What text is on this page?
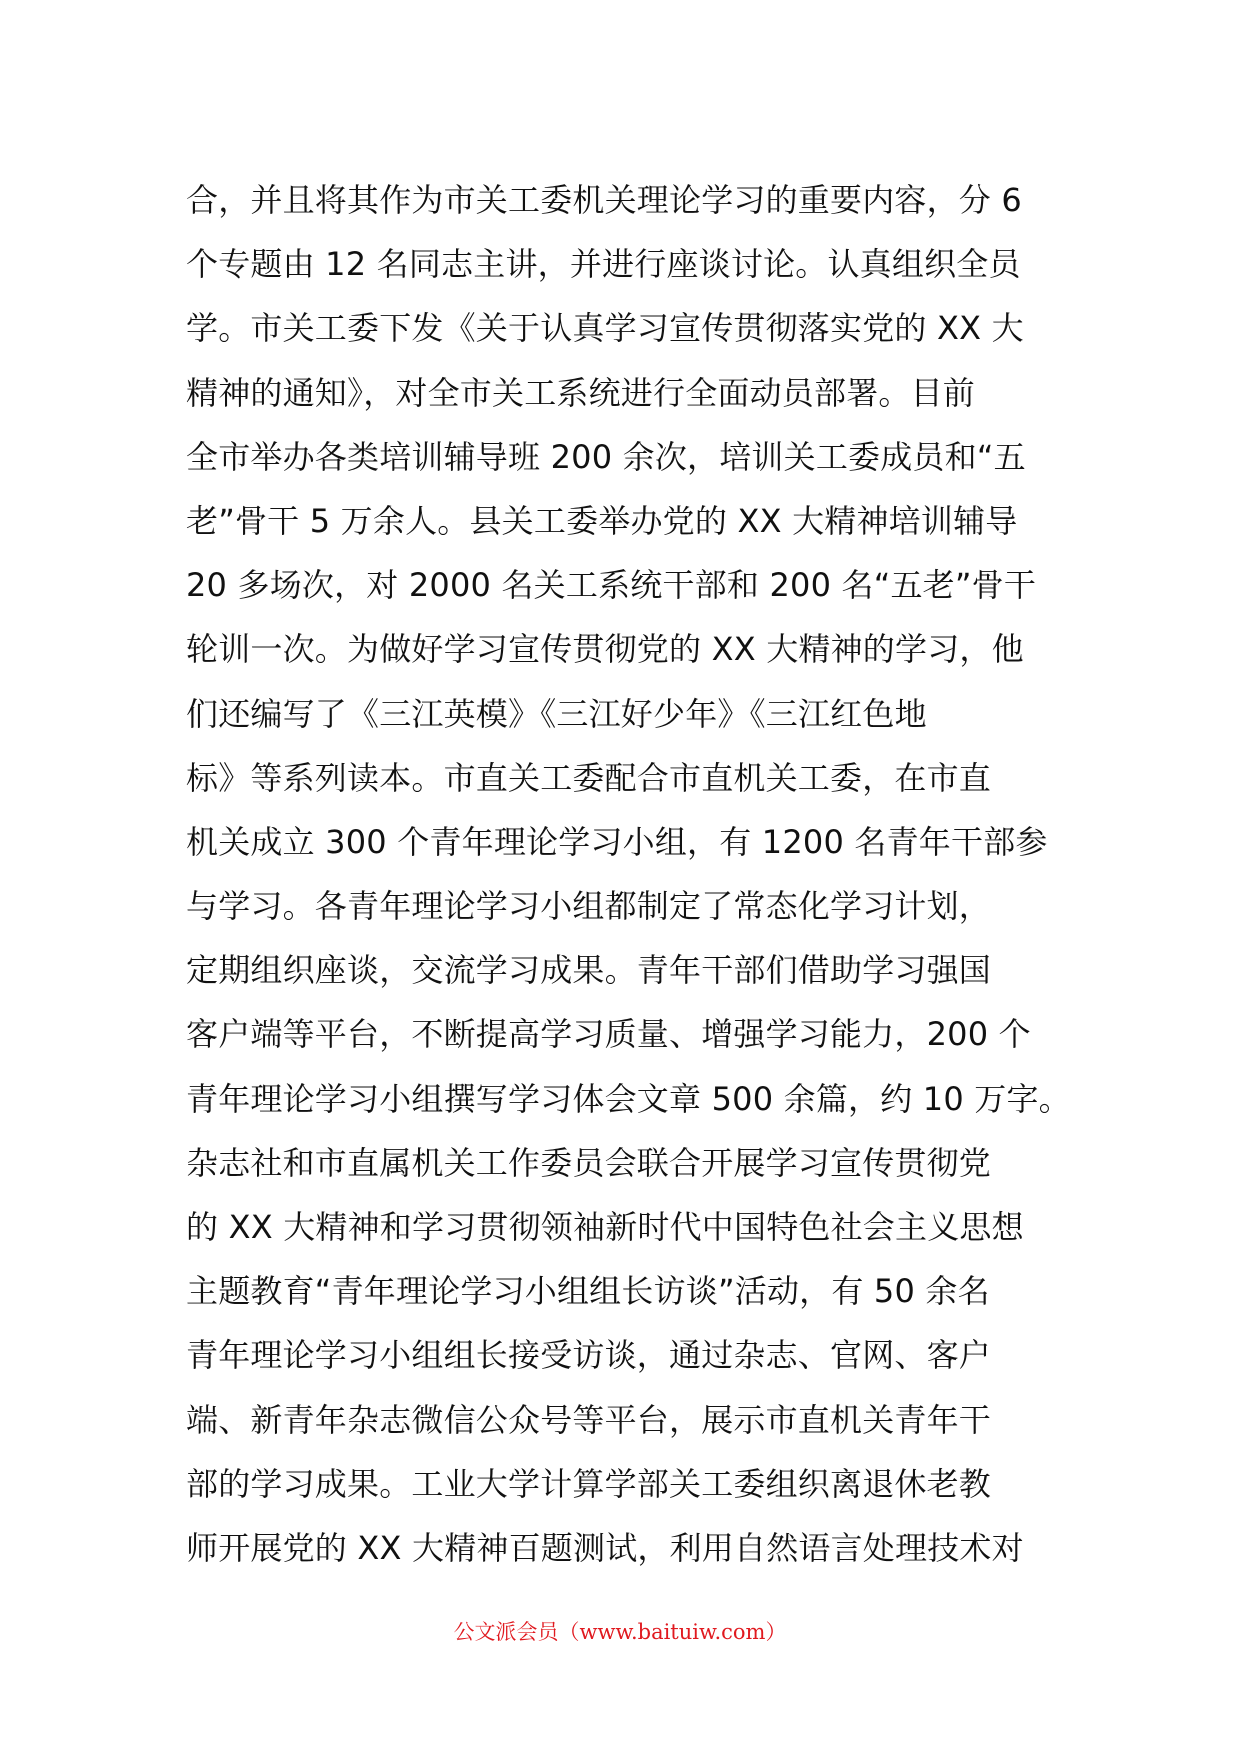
合，并且将其作为市关工委机关理论学习的重要内容，分 6
个专题由 12 名同志主讲，并进行座谈讨论。认真组织全员
学。市关工委下发《关于认真学习宣传贯彻落实党的 XX 大
精神的通知》，对全市关工系统进行全面动员部署。目前
全市举办各类培训辅导班 200 余次，培训关工委成员和“五
老”骨干 5 万余人。县关工委举办党的 XX 大精神培训辅导
20 多场次，对 2000 名关工系统干部和 200 名“五老”骨干
轮训一次。为做好学习宣传贯彻党的 XX 大精神的学习，他
们还编写了《三江英模》《三江好少年》《三江红色地
标》等系列读本。市直关工委配合市直机关工委，在市直
机关成立 300 个青年理论学习小组，有 1200 名青年干部参
与学习。各青年理论学习小组都制定了常态化学习计划，
定期组织座谈，交流学习成果。青年干部们借助学习强国
客户端等平台，不断提高学习质量、增强学习能力，200 个
青年理论学习小组撰写学习体会文章 500 余篇，约 10 万字。
杂志社和市直属机关工作委员会联合开展学习宣传贯彻党
的 XX 大精神和学习贯彻领袖新时代中国特色社会主义思想
主题教育“青年理论学习小组组长访谈”活动，有 50 余名
青年理论学习小组组长接受访谈，通过杂志、官网、客户
端、新青年杂志微信公众号等平台，展示市直机关青年干
部的学习成果。工业大学计算学部关工委组织离退休老教
师开展党的 XX 大精神百题测试，利用自然语言处理技术对
公文派会员（www.baituiw.com）
